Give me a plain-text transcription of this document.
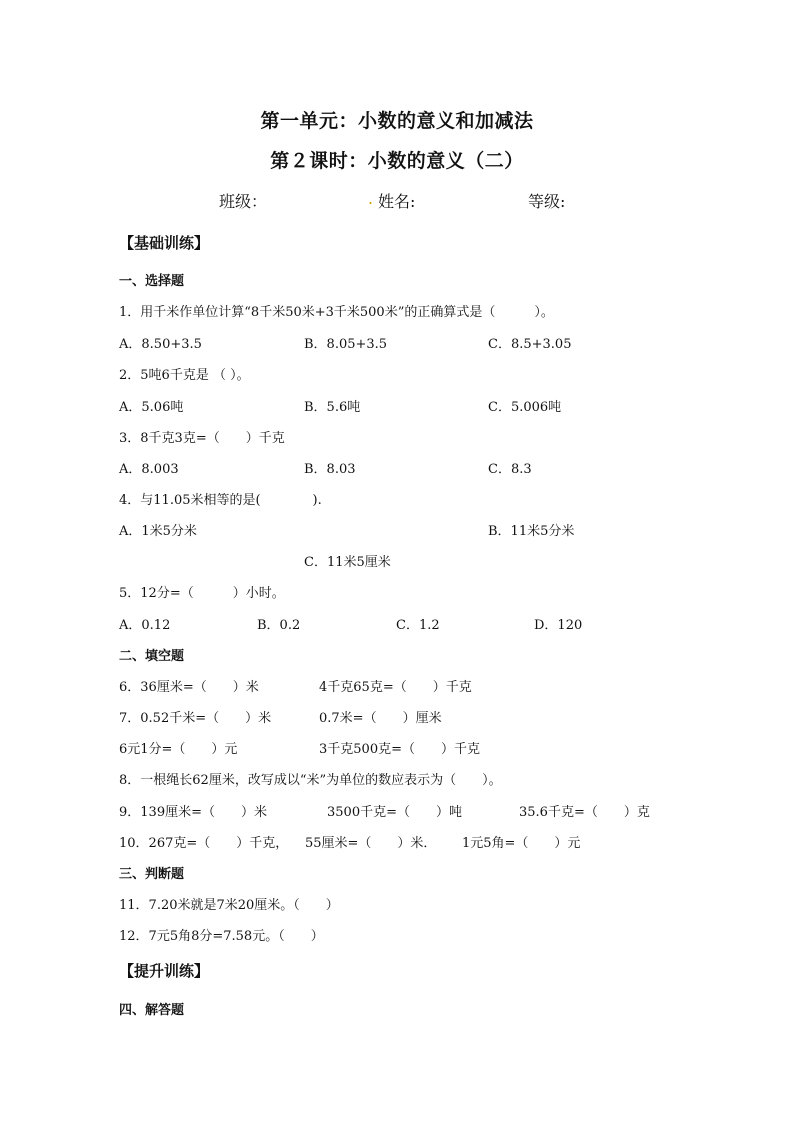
第一单元：小数的意义和加减法
第２课时：小数的意义（二）
班级：	. 姓名:	等级:
【基础训练】
一、选择题
1．用千米作单位计算“8千米50米+3千米500米”的正确算式是（　　　）。
A．8.50+3.5	B．8.05+3.5	C．8.5+3.05
2．5吨6千克是 （ ）。
A．5.06吨	B．5.6吨	C．5.006吨
3．8千克3克=（　　）千克
A．8.003	B．8.03	C．8.3
4．与11.05米相等的是(　　　　).
A．1米5分米	B．11米5分米
C．11米5厘米
5．12分=（　　　）小时。
A．0.12	B．0.2	C．1.2	D．120
二、填空题
6．36厘米=（　　）米	4千克65克=（　　）千克
7．0.52千米=（　　）米	0.7米=（　　）厘米
6元1分=（　　）元	3千克500克=（　　）千克
8．一根绳长62厘米，改写成以“米”为单位的数应表示为（　　）。
9．139厘米=（　　）米	3500千克=（　　）吨	35.6千克=（　　）克
10．267克=（　　）千克， 55厘米=（　　）米． 1元5角=（　　）元
三、判断题
11．7.20米就是7米20厘米。（　　）
12．7元5角8分=7.58元。（　　）
【提升训练】
四、解答题
